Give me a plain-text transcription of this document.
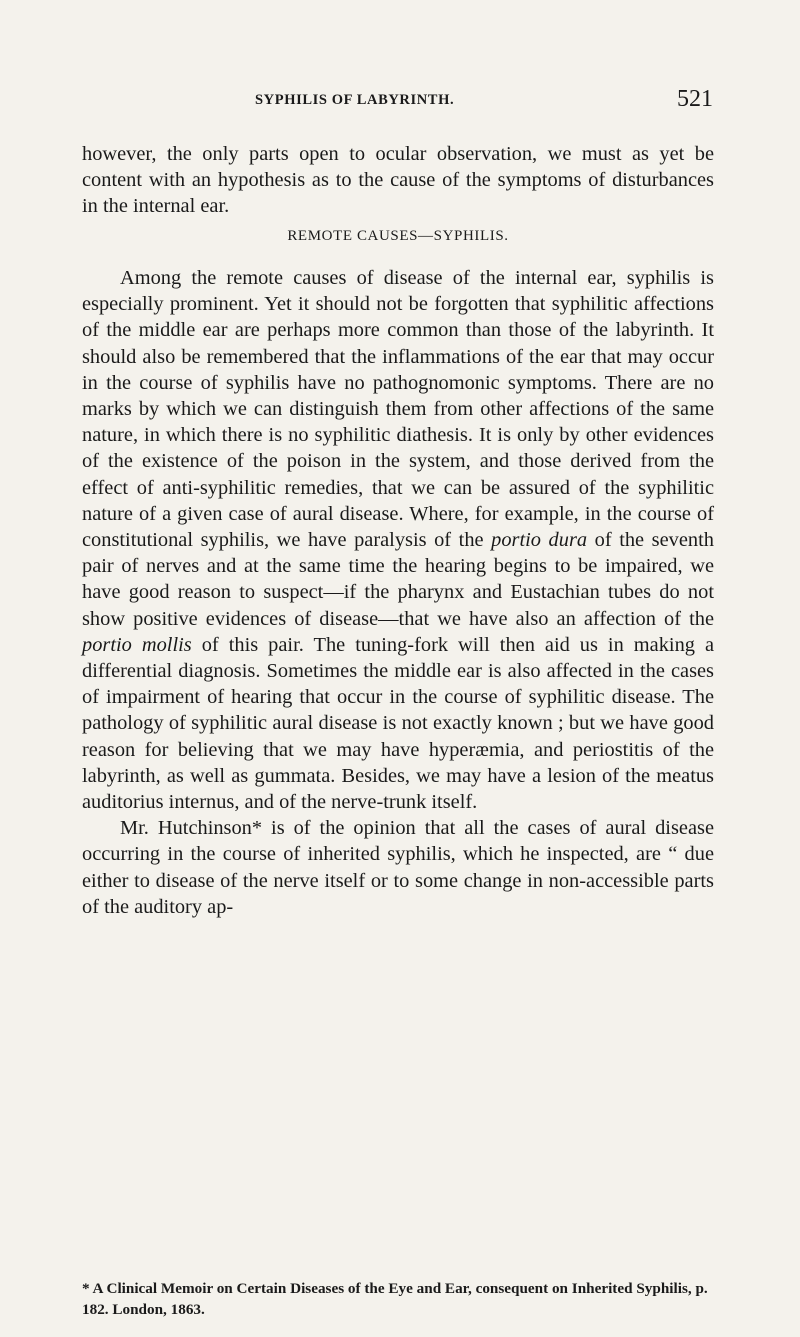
SYPHILIS OF LABYRINTH.	521

however, the only parts open to ocular observation, we must as yet be content with an hypothesis as to the cause of the symptoms of disturbances in the internal ear.

REMOTE CAUSES—SYPHILIS.

Among the remote causes of disease of the internal ear, syphilis is especially prominent. Yet it should not be forgotten that syphilitic affections of the middle ear are perhaps more common than those of the labyrinth. It should also be remembered that the inflammations of the ear that may occur in the course of syphilis have no pathognomonic symptoms. There are no marks by which we can distinguish them from other affections of the same nature, in which there is no syphilitic diathesis. It is only by other evidences of the existence of the poison in the system, and those derived from the effect of anti-syphilitic remedies, that we can be assured of the syphilitic nature of a given case of aural disease. Where, for example, in the course of constitutional syphilis, we have paralysis of the portio dura of the seventh pair of nerves and at the same time the hearing begins to be impaired, we have good reason to suspect—if the pharynx and Eustachian tubes do not show positive evidences of disease—that we have also an affection of the portio mollis of this pair. The tuning-fork will then aid us in making a differential diagnosis. Sometimes the middle ear is also affected in the cases of impairment of hearing that occur in the course of syphilitic disease. The pathology of syphilitic aural disease is not exactly known ; but we have good reason for believing that we may have hyperæmia, and periostitis of the labyrinth, as well as gummata. Besides, we may have a lesion of the meatus auditorius internus, and of the nerve-trunk itself.

Mr. Hutchinson* is of the opinion that all the cases of aural disease occurring in the course of inherited syphilis, which he inspected, are “ due either to disease of the nerve itself or to some change in non-accessible parts of the auditory ap-

* A Clinical Memoir on Certain Diseases of the Eye and Ear, consequent on Inherited Syphilis, p. 182. London, 1863.
